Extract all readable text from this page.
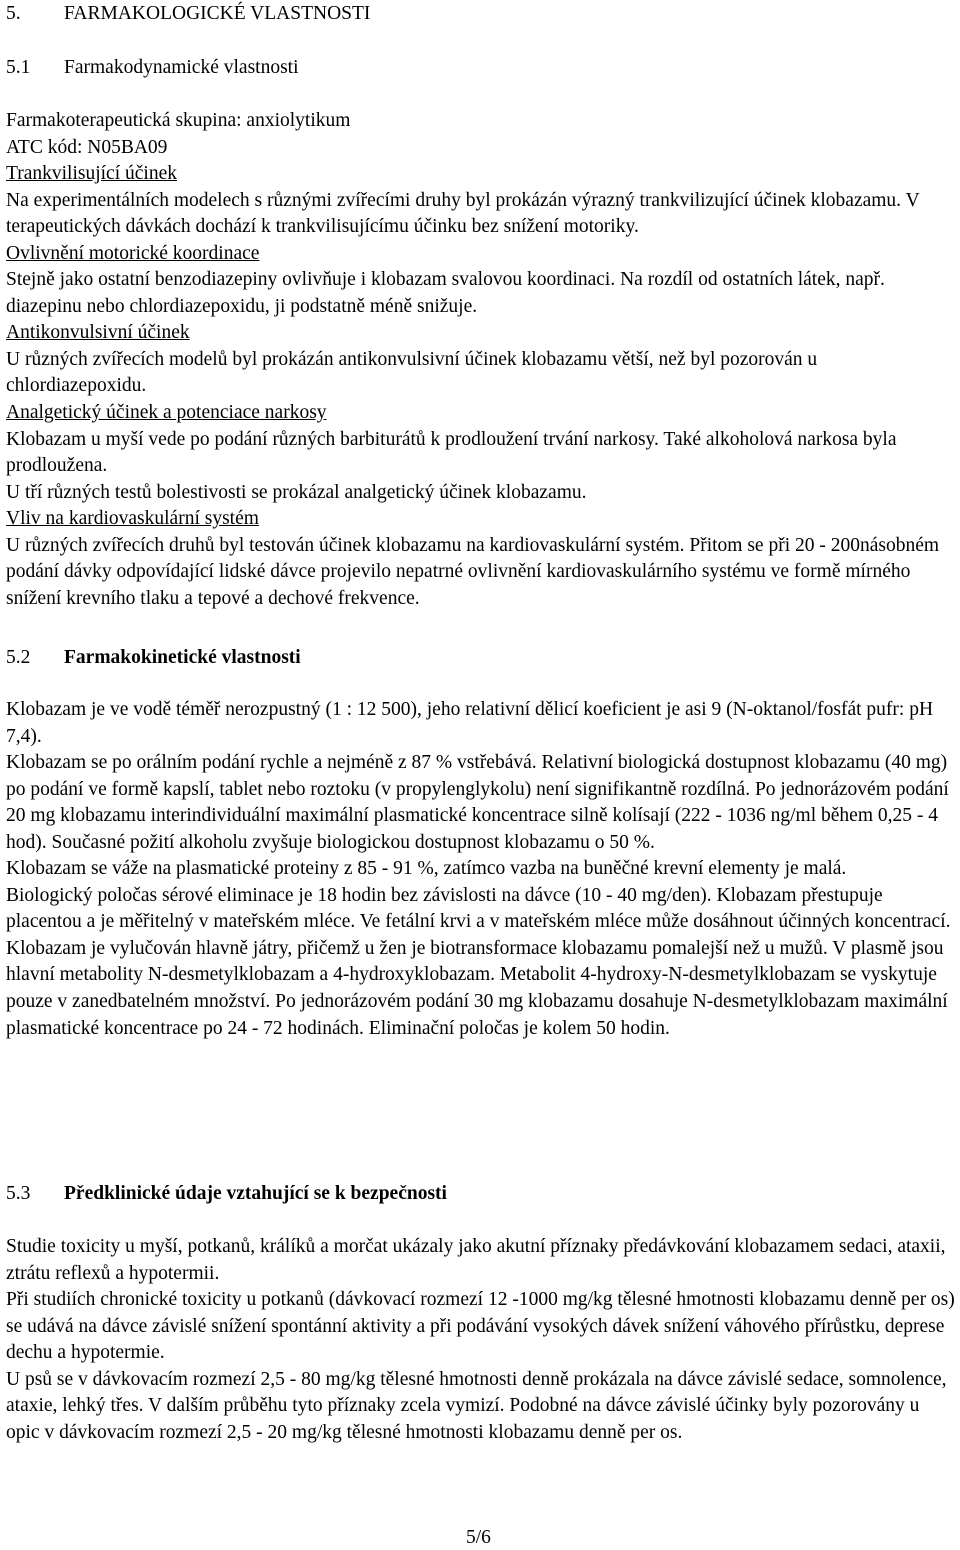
5. FARMAKOLOGICKÉ VLASTNOSTI
5.1 Farmakodynamické vlastnosti

Farmakoterapeutická skupina: anxiolytikum

ATC kód: N05BA09

Trankvilisující účinek

Na experimentálních modelech s různými zvířecími druhy byl prokázán výrazný trankvilizující účinek klobazamu. V terapeutických dávkách dochází k trankvilisujícímu účinku bez snížení motoriky.

Ovlivnění motorické koordinace

Stejně jako ostatní benzodiazepiny ovlivňuje i klobazam svalovou koordinaci. Na rozdíl od ostatních látek, např. diazepinu nebo chlordiazepoxidu, ji podstatně méně snižuje.

Antikonvulsivní účinek

U různých zvířecích modelů byl prokázán antikonvulsivní účinek klobazamu větší, než byl pozorován u chlordiazepoxidu.

Analgetický účinek a potenciace narkosy

Klobazam u myší vede po podání různých barbiturátů k prodloužení trvání narkosy. Také alkoholová narkosa byla prodloužena.

U tří různých testů bolestivosti se prokázal analgetický účinek klobazamu.

Vliv na kardiovaskulární systém

U různých zvířecích druhů byl testován účinek klobazamu na kardiovaskulární systém. Přitom se při 20 - 200násobném podání dávky odpovídající lidské dávce projevilo nepatrné ovlivnění kardiovaskulárního systému ve formě mírného snížení krevního tlaku a tepové a dechové frekvence.

5.2 Farmakokinetické vlastnosti

Klobazam je ve vodě téměř nerozpustný (1 : 12 500), jeho relativní dělicí koeficient je asi 9 (N-oktanol/fosfát pufr: pH 7,4).

Klobazam se po orálním podání rychle a nejméně z 87 % vstřebává. Relativní biologická dostupnost klobazamu (40 mg) po podání ve formě kapslí, tablet nebo roztoku (v propylenglykolu) není signifikantně rozdílná. Po jednorázovém podání 20 mg klobazamu interindividuální maximální plasmatické koncentrace silně kolísají (222 - 1036 ng/ml během 0,25 - 4 hod). Současné požití alkoholu zvyšuje biologickou dostupnost klobazamu o 50 %.

Klobazam se váže na plasmatické proteiny z 85 - 91 %, zatímco vazba na buněčné krevní elementy je malá.

Biologický poločas sérové eliminace je 18 hodin bez závislosti na dávce (10 - 40 mg/den). Klobazam přestupuje placentou a je měřitelný v mateřském mléce. Ve fetální krvi a v mateřském mléce může dosáhnout účinných koncentrací.

Klobazam je vylučován hlavně játry, přičemž u žen je biotransformace klobazamu pomalejší než u mužů. V plasmě jsou hlavní metabolity N-desmetylklobazam a 4-hydroxyklobazam. Metabolit 4-hydroxy-N-desmetylklobazam se vyskytuje pouze v zanedbatelném množství. Po jednorázovém podání 30 mg klobazamu dosahuje N-desmetylklobazam maximální plasmatické koncentrace po 24 - 72 hodinách. Eliminační poločas je kolem 50 hodin.

5.3 Předklinické údaje vztahující se k bezpečnosti

Studie toxicity u myší, potkanů, králíků a morčat ukázaly jako akutní příznaky předávkování klobazamem sedaci, ataxii, ztrátu reflexů a hypotermii.

Při studiích chronické toxicity u potkanů (dávkovací rozmezí 12 -1000 mg/kg tělesné hmotnosti klobazamu denně per os) se udává na dávce závislé snížení spontánní aktivity a při podávání vysokých dávek snížení váhového přírůstku, deprese dechu a hypotermie.

U psů se v dávkovacím rozmezí 2,5 - 80 mg/kg tělesné hmotnosti denně prokázala na dávce závislé sedace, somnolence, ataxie, lehký třes. V dalším průběhu tyto příznaky zcela vymizí. Podobné na dávce závislé účinky byly pozorovány u opic v dávkovacím rozmezí 2,5 - 20 mg/kg tělesné hmotnosti klobazamu denně per os.

5/6
